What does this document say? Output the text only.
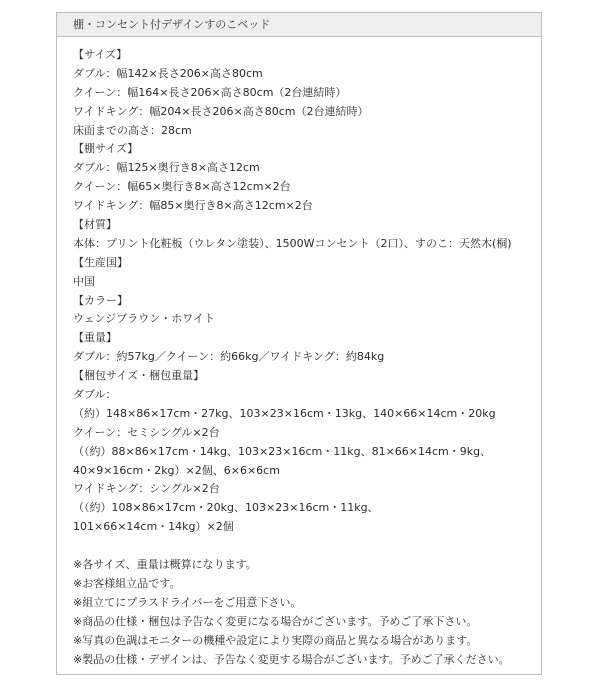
棚・コンセント付デザインすのこベッド
【サイズ】
ダブル：幅142×長さ206×高さ80cm
クイーン：幅164×長さ206×高さ80cm（2台連結時）
ワイドキング：幅204×長さ206×高さ80cm（2台連結時）
床面までの高さ：28cm
【棚サイズ】
ダブル：幅125×奥行き8×高さ12cm
クイーン：幅65×奥行き8×高さ12cm×2台
ワイドキング：幅85×奥行き8×高さ12cm×2台
【材質】
本体：プリント化粧板（ウレタン塗装）、1500Wコンセント（2口）、すのこ：天然木(桐)
【生産国】
中国
【カラー】
ウェンジブラウン・ホワイト
【重量】
ダブル：約57kg／クイーン：約66kg／ワイドキング：約84kg
【梱包サイズ・梱包重量】
ダブル：
（約）148×86×17cm・27kg、103×23×16cm・13kg、140×66×14cm・20kg
クイーン：セミシングル×2台
（（約）88×86×17cm・14kg、103×23×16cm・11kg、81×66×14cm・9kg、
40×9×16cm・2kg）×2個、6×6×6cm
ワイドキング：シングル×2台
（（約）108×86×17cm・20kg、103×23×16cm・11kg、
101×66×14cm・14kg）×2個
※各サイズ、重量は概算になります。
※お客様組立品です。
※組立てにプラスドライバーをご用意下さい。
※商品の仕様・梱包は予告なく変更になる場合がございます。予めご了承下さい。
※写真の色調はモニターの機種や設定により実際の商品と異なる場合があります。
※製品の仕様・デザインは、予告なく変更する場合がございます。予めご了承ください。
